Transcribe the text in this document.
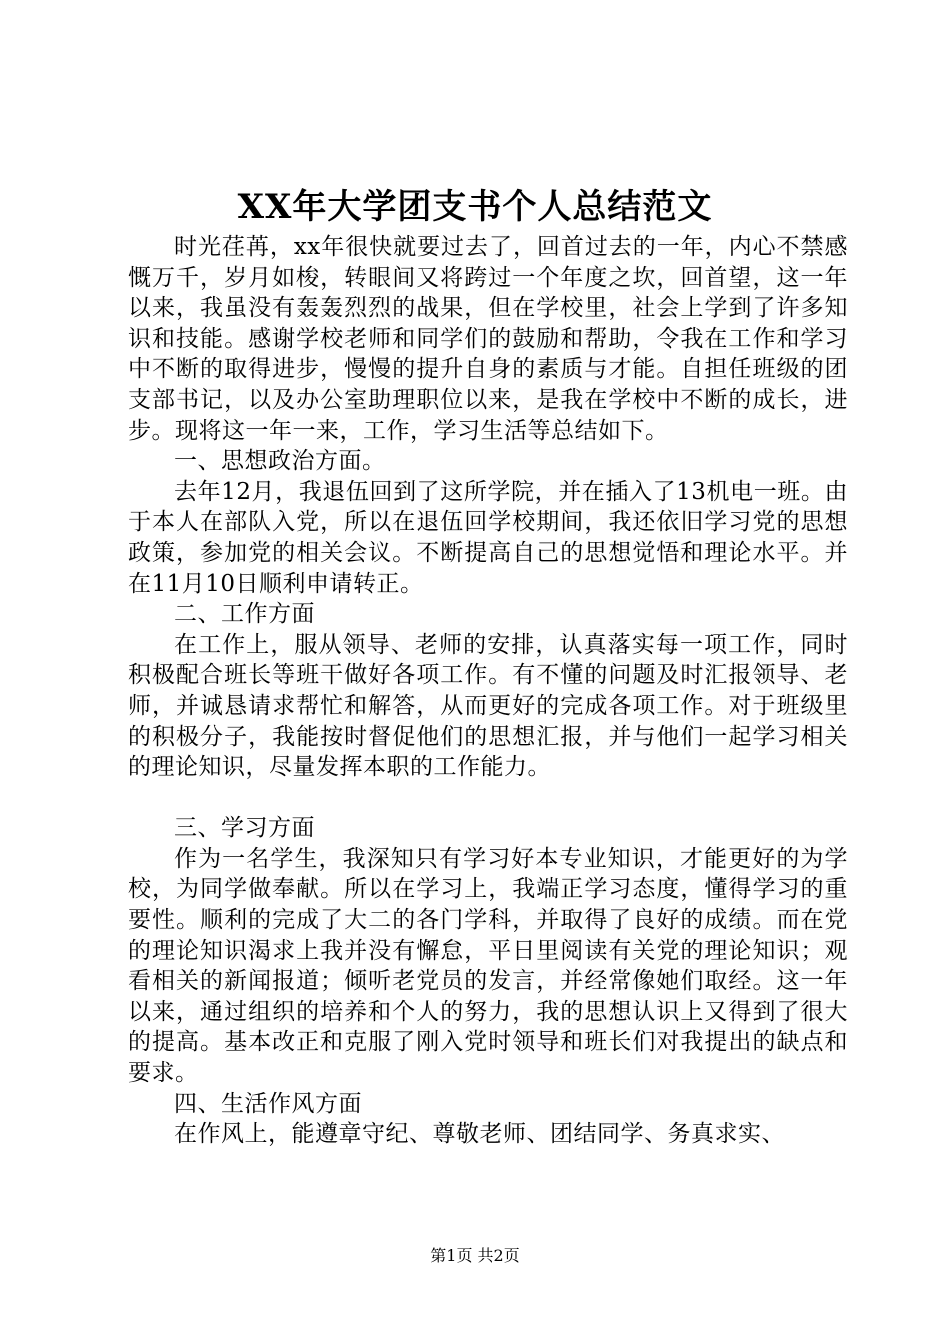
XX年大学团支书个人总结范文

时光荏苒，xx年很快就要过去了，回首过去的一年，内心不禁感慨万千，岁月如梭，转眼间又将跨过一个年度之坎，回首望，这一年以来，我虽没有轰轰烈烈的战果，但在学校里，社会上学到了许多知识和技能。感谢学校老师和同学们的鼓励和帮助，令我在工作和学习中不断的取得进步，慢慢的提升自身的素质与才能。自担任班级的团支部书记，以及办公室助理职位以来，是我在学校中不断的成长，进步。现将这一年一来，工作，学习生活等总结如下。

一、思想政治方面。

去年12月，我退伍回到了这所学院，并在插入了13机电一班。由于本人在部队入党，所以在退伍回学校期间，我还依旧学习党的思想政策，参加党的相关会议。不断提高自己的思想觉悟和理论水平。并在11月10日顺利申请转正。

二、工作方面

在工作上，服从领导、老师的安排，认真落实每一项工作，同时积极配合班长等班干做好各项工作。有不懂的问题及时汇报领导、老师，并诚恳请求帮忙和解答，从而更好的完成各项工作。对于班级里的积极分子，我能按时督促他们的思想汇报，并与他们一起学习相关的理论知识，尽量发挥本职的工作能力。

三、学习方面

作为一名学生，我深知只有学习好本专业知识，才能更好的为学校，为同学做奉献。所以在学习上，我端正学习态度，懂得学习的重要性。顺利的完成了大二的各门学科，并取得了良好的成绩。而在党的理论知识渴求上我并没有懈怠，平日里阅读有关党的理论知识；观看相关的新闻报道；倾听老党员的发言，并经常像她们取经。这一年以来，通过组织的培养和个人的努力，我的思想认识上又得到了很大的提高。基本改正和克服了刚入党时领导和班长们对我提出的缺点和要求。

四、生活作风方面

在作风上，能遵章守纪、尊敬老师、团结同学、务真求实、

第1页 共2页
